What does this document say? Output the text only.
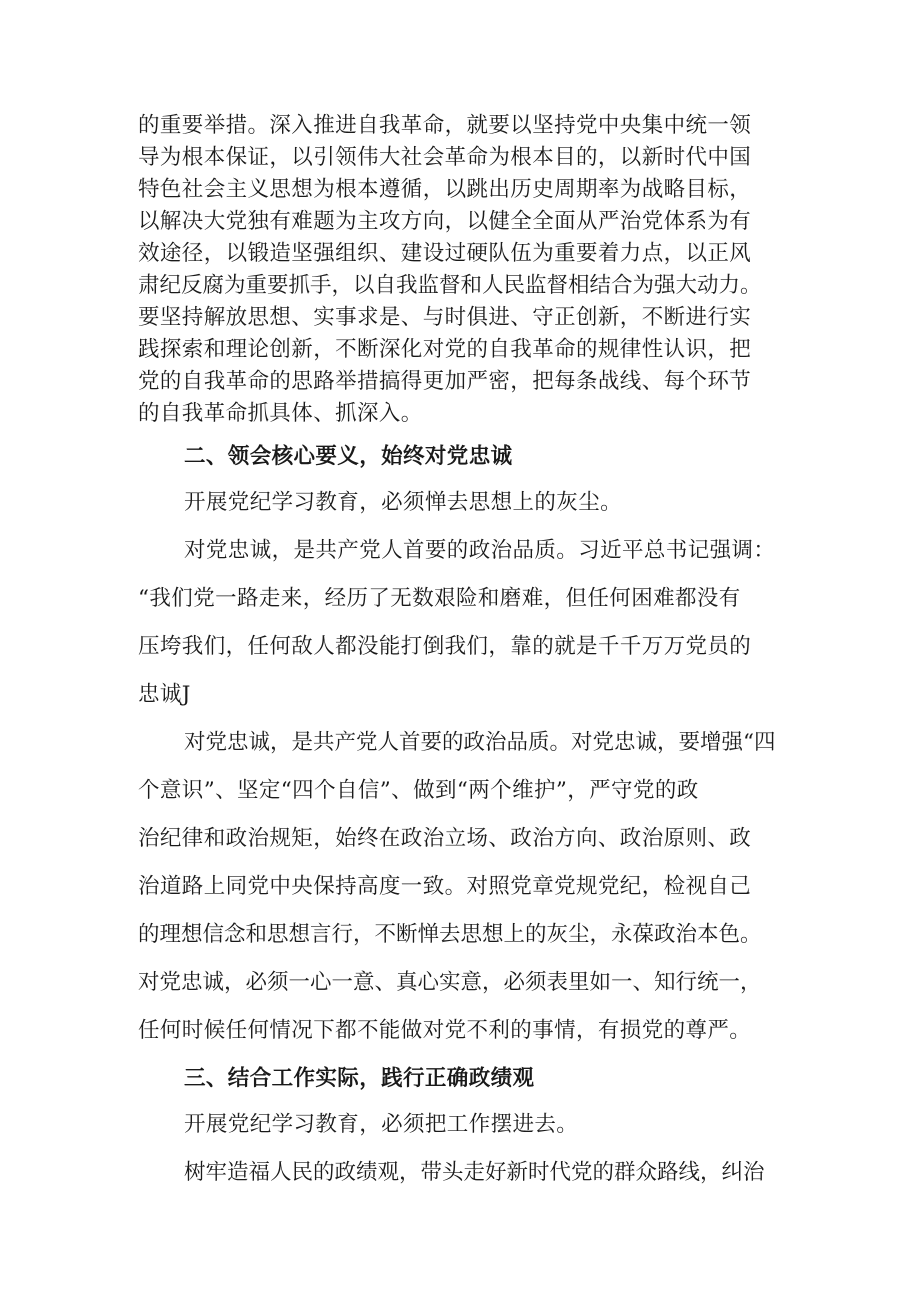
的重要举措。深入推进自我革命，就要以坚持党中央集中统一领
导为根本保证，以引领伟大社会革命为根本目的，以新时代中国
特色社会主义思想为根本遵循，以跳出历史周期率为战略目标，
以解决大党独有难题为主攻方向，以健全全面从严治党体系为有
效途径，以锻造坚强组织、建设过硬队伍为重要着力点，以正风
肃纪反腐为重要抓手，以自我监督和人民监督相结合为强大动力。
要坚持解放思想、实事求是、与时俱进、守正创新，不断进行实
践探索和理论创新，不断深化对党的自我革命的规律性认识，把
党的自我革命的思路举措搞得更加严密，把每条战线、每个环节
的自我革命抓具体、抓深入。
二、领会核心要义，始终对党忠诚
开展党纪学习教育，必须惮去思想上的灰尘。
对党忠诚，是共产党人首要的政治品质。习近平总书记强调：
“我们党一路走来，经历了无数艰险和磨难，但任何困难都没有
压垮我们，任何敌人都没能打倒我们，靠的就是千千万万党员的
忠诚J
对党忠诚，是共产党人首要的政治品质。对党忠诚，要增强“四
个意识”、坚定“四个自信”、做到“两个维护”，严守党的政
治纪律和政治规矩，始终在政治立场、政治方向、政治原则、政
治道路上同党中央保持高度一致。对照党章党规党纪，检视自己
的理想信念和思想言行，不断惮去思想上的灰尘，永葆政治本色。
对党忠诚，必须一心一意、真心实意，必须表里如一、知行统一，
任何时候任何情况下都不能做对党不利的事情，有损党的尊严。
三、结合工作实际，践行正确政绩观
开展党纪学习教育，必须把工作摆进去。
树牢造福人民的政绩观，带头走好新时代党的群众路线，纠治
